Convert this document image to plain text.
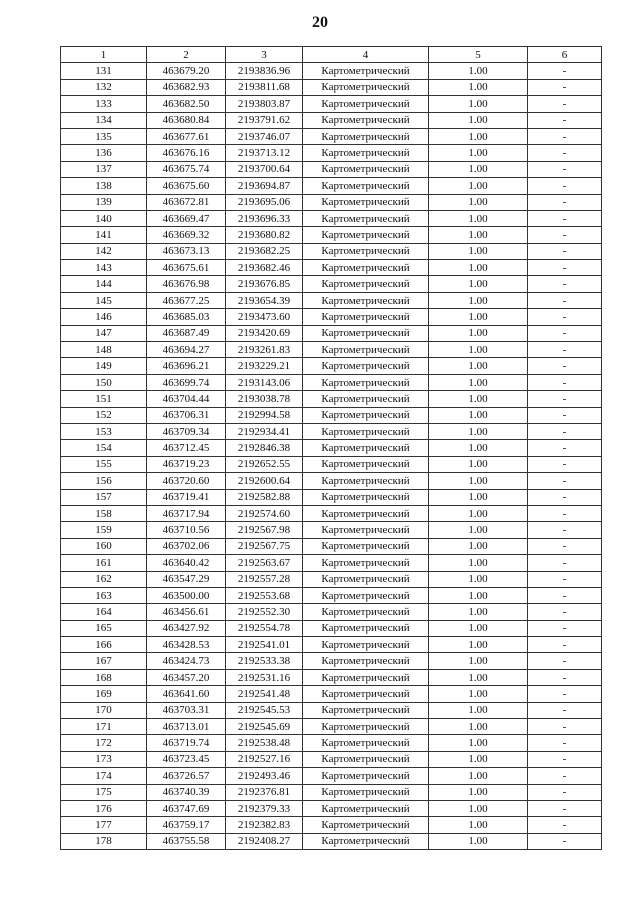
20
1	2	3	4	5	6
131	463679.20	2193836.96	Картометрический	1.00	-
132	463682.93	2193811.68	Картометрический	1.00	-
133	463682.50	2193803.87	Картометрический	1.00	-
134	463680.84	2193791.62	Картометрический	1.00	-
135	463677.61	2193746.07	Картометрический	1.00	-
136	463676.16	2193713.12	Картометрический	1.00	-
137	463675.74	2193700.64	Картометрический	1.00	-
138	463675.60	2193694.87	Картометрический	1.00	-
139	463672.81	2193695.06	Картометрический	1.00	-
140	463669.47	2193696.33	Картометрический	1.00	-
141	463669.32	2193680.82	Картометрический	1.00	-
142	463673.13	2193682.25	Картометрический	1.00	-
143	463675.61	2193682.46	Картометрический	1.00	-
144	463676.98	2193676.85	Картометрический	1.00	-
145	463677.25	2193654.39	Картометрический	1.00	-
146	463685.03	2193473.60	Картометрический	1.00	-
147	463687.49	2193420.69	Картометрический	1.00	-
148	463694.27	2193261.83	Картометрический	1.00	-
149	463696.21	2193229.21	Картометрический	1.00	-
150	463699.74	2193143.06	Картометрический	1.00	-
151	463704.44	2193038.78	Картометрический	1.00	-
152	463706.31	2192994.58	Картометрический	1.00	-
153	463709.34	2192934.41	Картометрический	1.00	-
154	463712.45	2192846.38	Картометрический	1.00	-
155	463719.23	2192652.55	Картометрический	1.00	-
156	463720.60	2192600.64	Картометрический	1.00	-
157	463719.41	2192582.88	Картометрический	1.00	-
158	463717.94	2192574.60	Картометрический	1.00	-
159	463710.56	2192567.98	Картометрический	1.00	-
160	463702.06	2192567.75	Картометрический	1.00	-
161	463640.42	2192563.67	Картометрический	1.00	-
162	463547.29	2192557.28	Картометрический	1.00	-
163	463500.00	2192553.68	Картометрический	1.00	-
164	463456.61	2192552.30	Картометрический	1.00	-
165	463427.92	2192554.78	Картометрический	1.00	-
166	463428.53	2192541.01	Картометрический	1.00	-
167	463424.73	2192533.38	Картометрический	1.00	-
168	463457.20	2192531.16	Картометрический	1.00	-
169	463641.60	2192541.48	Картометрический	1.00	-
170	463703.31	2192545.53	Картометрический	1.00	-
171	463713.01	2192545.69	Картометрический	1.00	-
172	463719.74	2192538.48	Картометрический	1.00	-
173	463723.45	2192527.16	Картометрический	1.00	-
174	463726.57	2192493.46	Картометрический	1.00	-
175	463740.39	2192376.81	Картометрический	1.00	-
176	463747.69	2192379.33	Картометрический	1.00	-
177	463759.17	2192382.83	Картометрический	1.00	-
178	463755.58	2192408.27	Картометрический	1.00	-
